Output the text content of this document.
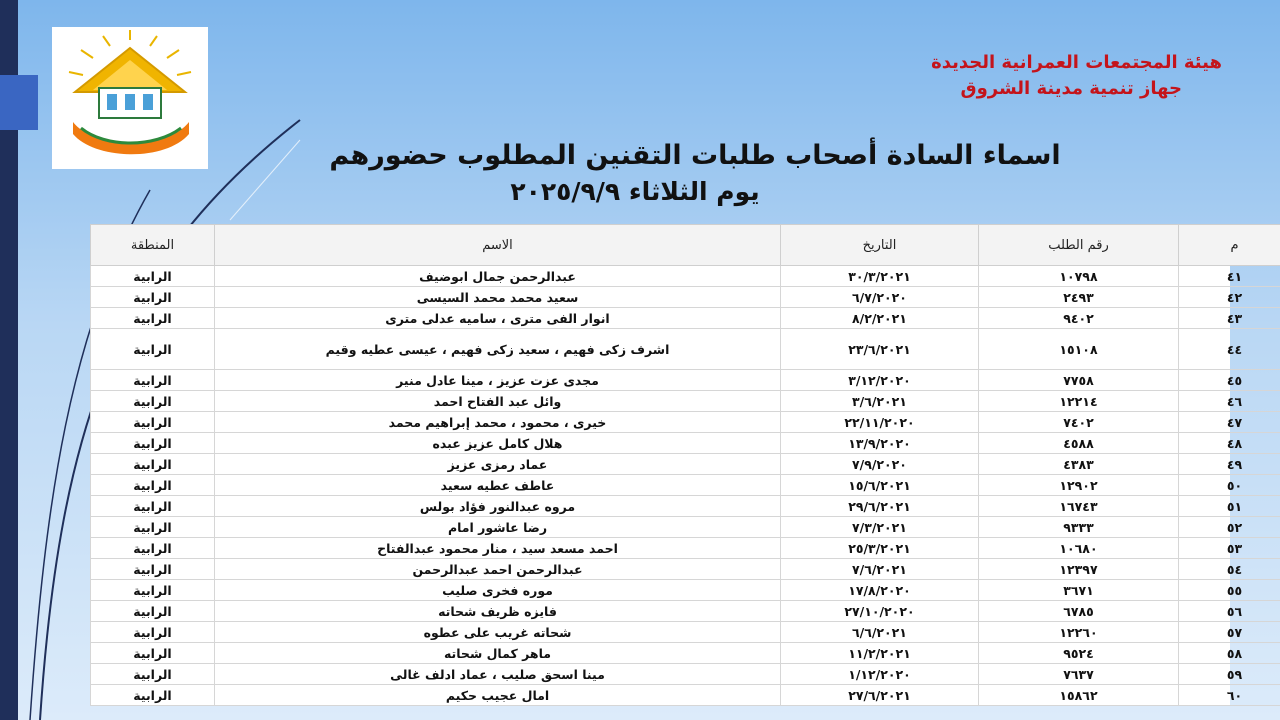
هيئة المجتمعات العمرانية الجديدة
جهاز تنمية مدينة الشروق
اسماء السادة أصحاب طلبات التقنين المطلوب حضورهم
يوم الثلاثاء ٢٠٢٥/٩/٩
م	رقم الطلب	التاريخ	الاسم	المنطقة
٤١	١٠٧٩٨	٣٠/٣/٢٠٢١	عبدالرحمن جمال ابوضيف	الرابية
٤٢	٢٤٩٣	٦/٧/٢٠٢٠	سعيد محمد محمد السيسى	الرابية
٤٣	٩٤٠٢	٨/٢/٢٠٢١	انوار الفى مترى ، ساميه عدلى مترى	الرابية
٤٤	١٥١٠٨	٢٣/٦/٢٠٢١	اشرف زكى فهيم ، سعيد زكى فهيم ، عيسى عطيه وقيم	الرابية
٤٥	٧٧٥٨	٣/١٢/٢٠٢٠	مجدى عزت عزيز ، مينا عادل منير	الرابية
٤٦	١٢٢١٤	٣/٦/٢٠٢١	وائل عبد الفتاح احمد	الرابية
٤٧	٧٤٠٢	٢٢/١١/٢٠٢٠	خيرى ، محمود ، محمد إبراهيم محمد	الرابية
٤٨	٤٥٨٨	١٣/٩/٢٠٢٠	هلال كامل عزيز عبده	الرابية
٤٩	٤٣٨٣	٧/٩/٢٠٢٠	عماد رمزى عزيز	الرابية
٥٠	١٢٩٠٢	١٥/٦/٢٠٢١	عاطف عطيه سعيد	الرابية
٥١	١٦٧٤٣	٢٩/٦/٢٠٢١	مروه عبدالنور فؤاد بولس	الرابية
٥٢	٩٣٣٣	٧/٣/٢٠٢١	رضا عاشور امام	الرابية
٥٣	١٠٦٨٠	٢٥/٣/٢٠٢١	احمد مسعد سيد ، منار محمود عبدالفتاح	الرابية
٥٤	١٢٣٩٧	٧/٦/٢٠٢١	عبدالرحمن احمد عبدالرحمن	الرابية
٥٥	٣٦٧١	١٧/٨/٢٠٢٠	موره فخرى صليب	الرابية
٥٦	٦٧٨٥	٢٧/١٠/٢٠٢٠	فايزه ظريف شحاته	الرابية
٥٧	١٢٢٦٠	٦/٦/٢٠٢١	شحاته غريب على عطوه	الرابية
٥٨	٩٥٢٤	١١/٢/٢٠٢١	ماهر كمال شحاته	الرابية
٥٩	٧٦٣٧	١/١٢/٢٠٢٠	مينا اسحق صليب ، عماد ادلف غالى	الرابية
٦٠	١٥٨٦٢	٢٧/٦/٢٠٢١	امال عجيب حكيم	الرابية
